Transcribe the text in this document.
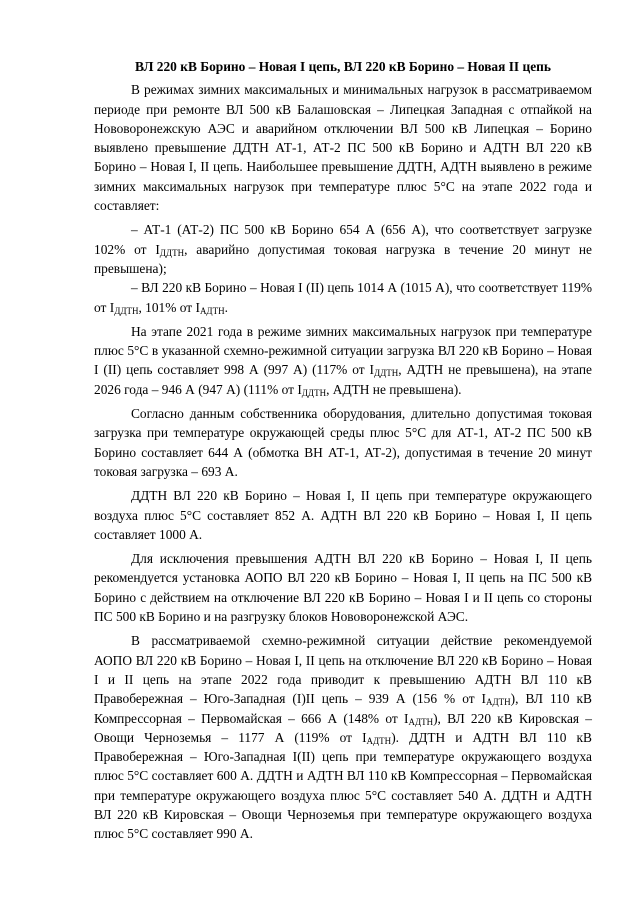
ВЛ 220 кВ Борино – Новая I цепь, ВЛ 220 кВ Борино – Новая II цепь
В режимах зимних максимальных и минимальных нагрузок в рассматриваемом периоде при ремонте ВЛ 500 кВ Балашовская – Липецкая Западная с отпайкой на Нововоронежскую АЭС и аварийном отключении ВЛ 500 кВ Липецкая – Борино выявлено превышение ДДТН АТ-1, АТ-2 ПС 500 кВ Борино и АДТН ВЛ 220 кВ Борино – Новая I, II цепь. Наибольшее превышение ДДТН, АДТН выявлено в режиме зимних максимальных нагрузок при температуре плюс 5°С на этапе 2022 года и составляет:
– АТ-1 (АТ-2) ПС 500 кВ Борино 654 А (656 А), что соответствует загрузке 102% от $I_{ДДТН}$, аварийно допустимая токовая нагрузка в течение 20 минут не превышена);
– ВЛ 220 кВ Борино – Новая I (II) цепь 1014 А (1015 А), что соответствует 119% от $I_{ДДТН}$, 101% от $I_{АДТН}$.
На этапе 2021 года в режиме зимних максимальных нагрузок при температуре плюс 5°С в указанной схемно-режимной ситуации загрузка ВЛ 220 кВ Борино – Новая I (II) цепь составляет 998 А (997 А) (117% от $I_{ДДТН}$, АДТН не превышена), на этапе 2026 года – 946 А (947 А) (111% от $I_{ДДТН}$, АДТН не превышена).
Согласно данным собственника оборудования, длительно допустимая токовая загрузка при температуре окружающей среды плюс 5°С для АТ-1, АТ-2 ПС 500 кВ Борино составляет 644 А (обмотка ВН АТ-1, АТ-2), допустимая в течение 20 минут токовая загрузка – 693 А.
ДДТН ВЛ 220 кВ Борино – Новая I, II цепь при температуре окружающего воздуха плюс 5°С составляет 852 А. АДТН ВЛ 220 кВ Борино – Новая I, II цепь составляет 1000 А.
Для исключения превышения АДТН ВЛ 220 кВ Борино – Новая I, II цепь рекомендуется установка АОПО ВЛ 220 кВ Борино – Новая I, II цепь на ПС 500 кВ Борино с действием на отключение ВЛ 220 кВ Борино – Новая I и II цепь со стороны ПС 500 кВ Борино и на разгрузку блоков Нововоронежской АЭС.
В рассматриваемой схемно-режимной ситуации действие рекомендуемой АОПО ВЛ 220 кВ Борино – Новая I, II цепь на отключение ВЛ 220 кВ Борино – Новая I и II цепь на этапе 2022 года приводит к превышению АДТН ВЛ 110 кВ Правобережная – Юго-Западная (I)II цепь – 939 А (156 % от $I_{АДТН}$), ВЛ 110 кВ Компрессорная – Первомайская – 666 А (148% от $I_{АДТН}$), ВЛ 220 кВ Кировская – Овощи Черноземья – 1177 А (119% от $I_{АДТН}$). ДДТН и АДТН ВЛ 110 кВ Правобережная – Юго-Западная I(II) цепь при температуре окружающего воздуха плюс 5°С составляет 600 А. ДДТН и АДТН ВЛ 110 кВ Компрессорная – Первомайская при температуре окружающего воздуха плюс 5°С составляет 540 А. ДДТН и АДТН ВЛ 220 кВ Кировская – Овощи Черноземья при температуре окружающего воздуха плюс 5°С составляет 990 А.
